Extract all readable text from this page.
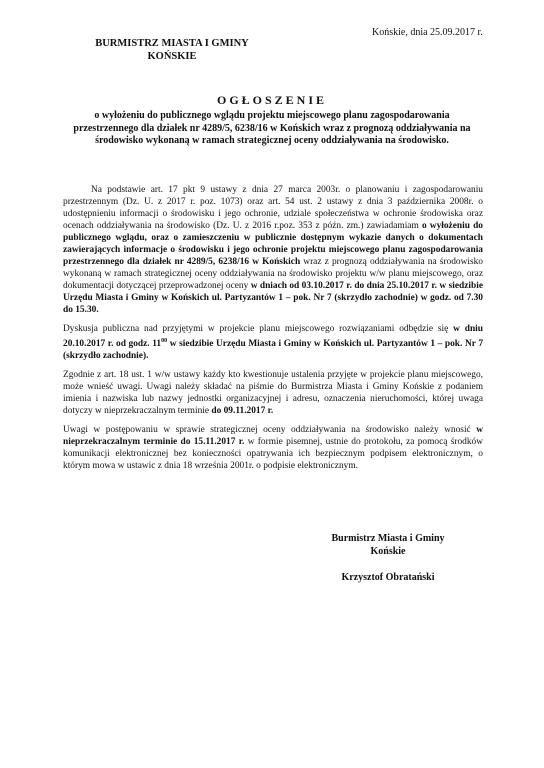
Końskie, dnia 25.09.2017 r.
BURMISTRZ MIASTA I GMINY
KOŃSKIE
OGŁOSZENIE
o wyłożeniu do publicznego wglądu projektu miejscowego planu zagospodarowania przestrzennego dla działek nr 4289/5, 6238/16 w Końskich wraz z prognozą oddziaływania na środowisko wykonaną w ramach strategicznej oceny oddziaływania na środowisko.

Na podstawie art. 17 pkt 9 ustawy z dnia 27 marca 2003r. o planowaniu i zagospodarowaniu przestrzennym (Dz. U. z 2017 r. poz. 1073) oraz art. 54 ust. 2 ustawy z dnia 3 października 2008r. o udostępnieniu informacji o środowisku i jego ochronie, udziale społeczeństwa w ochronie środowiska oraz ocenach oddziaływania na środowisko (Dz. U. z 2016 r.poz. 353 z późn. zm.) zawiadamiam o wyłożeniu do publicznego wglądu, oraz o zamieszczeniu w publicznie dostępnym wykazie danych o dokumentach zawierających informacje o środowisku i jego ochronie projektu miejscowego planu zagospodarowania przestrzennego dla działek nr 4289/5, 6238/16 w Końskich wraz z prognozą oddziaływania na środowisko wykonaną w ramach strategicznej oceny oddziaływania na środowisko projektu w/w planu miejscowego, oraz dokumentacji dotyczącej przeprowadzonej oceny w dniach od 03.10.2017 r. do dnia 25.10.2017 r. w siedzibie Urzędu Miasta i Gminy w Końskich ul. Partyzantów 1 – pok. Nr 7 (skrzydło zachodnie) w godz. od 7.30 do 15.30.

Dyskusja publiczna nad przyjętymi w projekcie planu miejscowego rozwiązaniami odbędzie się w dniu 20.10.2017 r. od godz. $11^{00}$ w siedzibie Urzędu Miasta i Gminy w Końskich ul. Partyzantów 1 – pok. Nr 7 (skrzydło zachodnie).

Zgodnie z art. 18 ust. 1 w/w ustawy każdy kto kwestionuje ustalenia przyjęte w projekcie planu miejscowego, może wnieść uwagi. Uwagi należy składać na piśmie do Burmistrza Miasta i Gminy Końskie z podaniem imienia i nazwiska lub nazwy jednostki organizacyjnej i adresu, oznaczenia nieruchomości, której uwaga dotyczy w nieprzekraczalnym terminie do 09.11.2017 r.

Uwagi w postępowaniu w sprawie strategicznej oceny oddziaływania na środowisko należy wnosić w nieprzekraczalnym terminie do 15.11.2017 r. w formie pisemnej, ustnie do protokołu, za pomocą środków komunikacji elektronicznej bez konieczności opatrywania ich bezpiecznym podpisem elektronicznym, o którym mowa w ustawic z dnia 18 września 2001r. o podpisie elektronicznym.

Burmistrz Miasta i Gminy
Końskie
Krzysztof Obratański
